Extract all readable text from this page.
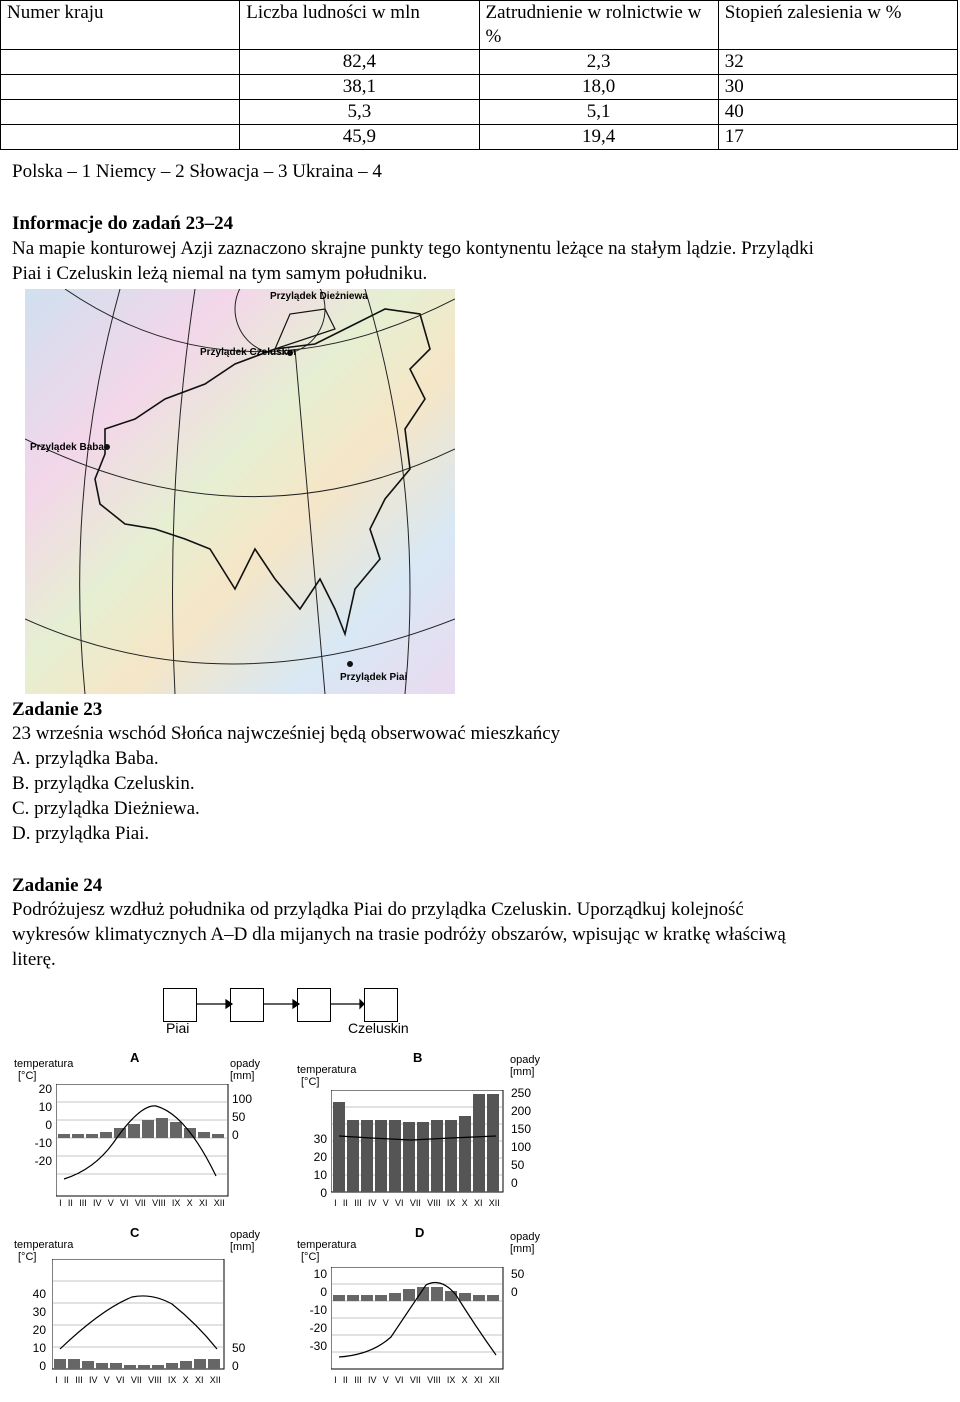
Numer kraju	Liczba ludności w mln	Zatrudnienie w rolnictwie w %	Stopień zalesienia w %
	82,4	2,3	32
	38,1	18,0	30
	5,3	5,1	40
	45,9	19,4	17
Polska – 1 Niemcy – 2 Słowacja – 3 Ukraina – 4
Informacje do zadań 23–24
Na mapie konturowej Azji zaznaczono skrajne punkty tego kontynentu leżące na stałym lądzie. Przylądki
Piai i Czeluskin leżą niemal na tym samym południku.
Przylądek Dieżniewa
Przylądek Czeluskin
Przylądek Baba
Przylądek Piai
Zadanie 23
23 września wschód Słońca najwcześniej będą obserwować mieszkańcy
A. przylądka Baba.
B. przylądka Czeluskin.
C. przylądka Dieżniewa.
D. przylądka Piai.
Zadanie 24
Podróżujesz wzdłuż południka od przylądka Piai do przylądka Czeluskin. Uporządkuj kolejność
wykresów klimatycznych A–D dla mijanych na trasie podróży obszarów, wpisując w kratkę właściwą
literę.
Piai	Czeluskin
A
temperatura
[°C]
opady
[mm]
20
10
0
-10
-20
100
50
0
I II III IV V VI VII VIII IX X XI XII
B
temperatura
[°C]
opady
[mm]
30
20
10
0
250
200
150
100
50
0
I II III IV V VI VII VIII IX X XI XII
C
temperatura
[°C]
opady
[mm]
40
30
20
10
0
50
0
I II III IV V VI VII VIII IX X XI XII
D
temperatura
[°C]
opady
[mm]
10
0
-10
-20
-30
50
0
I II III IV V VI VII VIII IX X XI XII
